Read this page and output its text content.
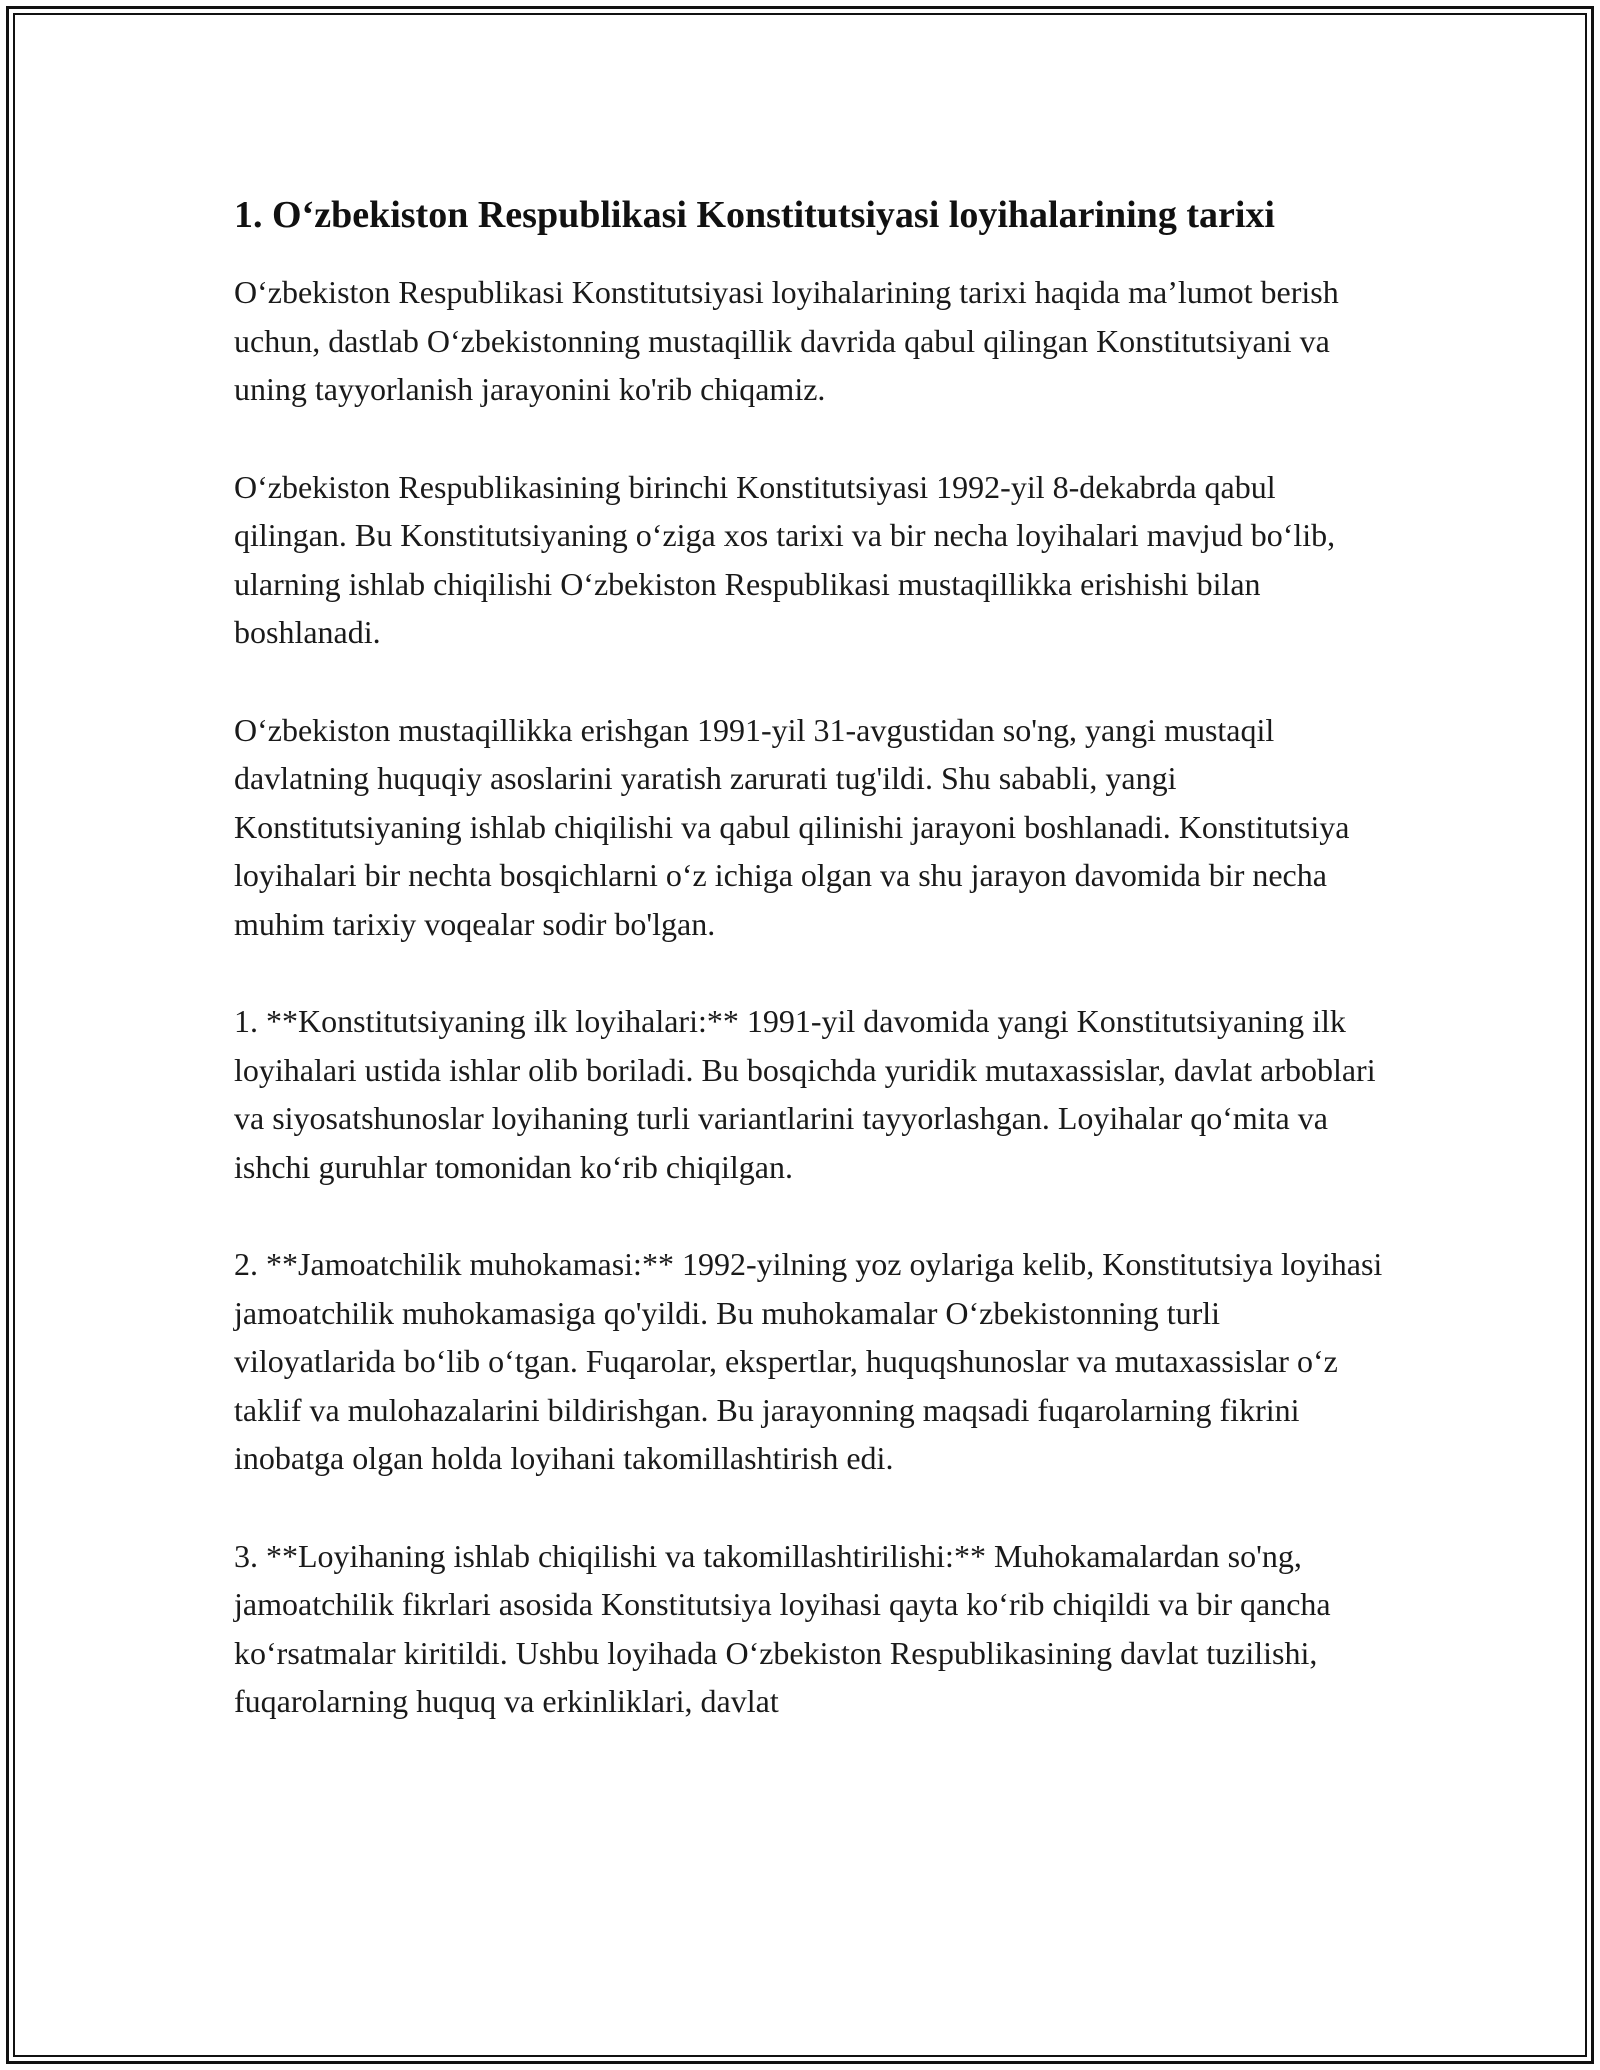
1. O‘zbekiston Respublikasi Konstitutsiyasi loyihalarining tarixi

O‘zbekiston Respublikasi Konstitutsiyasi loyihalarining tarixi haqida ma’lumot berish uchun, dastlab O‘zbekistonning mustaqillik davrida qabul qilingan Konstitutsiyani va uning tayyorlanish jarayonini ko'rib chiqamiz.

O‘zbekiston Respublikasining birinchi Konstitutsiyasi 1992-yil 8-dekabrda qabul qilingan. Bu Konstitutsiyaning o‘ziga xos tarixi va bir necha loyihalari mavjud bo‘lib, ularning ishlab chiqilishi O‘zbekiston Respublikasi mustaqillikka erishishi bilan boshlanadi.

O‘zbekiston mustaqillikka erishgan 1991-yil 31-avgustidan so'ng, yangi mustaqil davlatning huquqiy asoslarini yaratish zarurati tug'ildi. Shu sababli, yangi Konstitutsiyaning ishlab chiqilishi va qabul qilinishi jarayoni boshlanadi. Konstitutsiya loyihalari bir nechta bosqichlarni o‘z ichiga olgan va shu jarayon davomida bir necha muhim tarixiy voqealar sodir bo'lgan.

1. **Konstitutsiyaning ilk loyihalari:** 1991-yil davomida yangi Konstitutsiyaning ilk loyihalari ustida ishlar olib boriladi. Bu bosqichda yuridik mutaxassislar, davlat arboblari va siyosatshunoslar loyihaning turli variantlarini tayyorlashgan. Loyihalar qo‘mita va ishchi guruhlar tomonidan ko‘rib chiqilgan.

2. **Jamoatchilik muhokamasi:** 1992-yilning yoz oylariga kelib, Konstitutsiya loyihasi jamoatchilik muhokamasiga qo'yildi. Bu muhokamalar O‘zbekistonning turli viloyatlarida bo‘lib o‘tgan. Fuqarolar, ekspertlar, huquqshunoslar va mutaxassislar o‘z taklif va mulohazalarini bildirishgan. Bu jarayonning maqsadi fuqarolarning fikrini inobatga olgan holda loyihani takomillashtirish edi.

3. **Loyihaning ishlab chiqilishi va takomillashtirilishi:** Muhokamalardan so'ng, jamoatchilik fikrlari asosida Konstitutsiya loyihasi qayta ko‘rib chiqildi va bir qancha ko‘rsatmalar kiritildi. Ushbu loyihada O‘zbekiston Respublikasining davlat tuzilishi, fuqarolarning huquq va erkinliklari, davlat
